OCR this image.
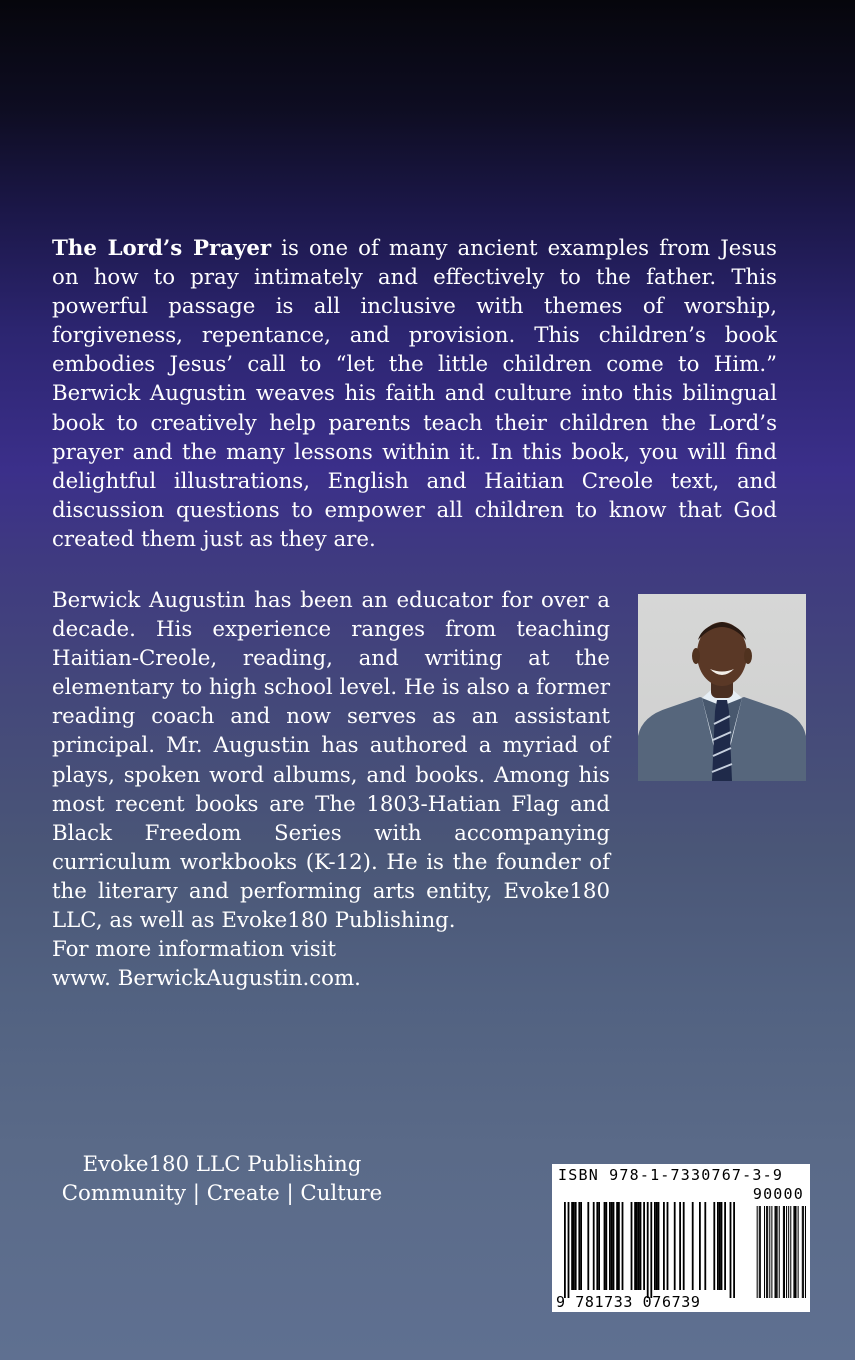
The Lord’s Prayer is one of many ancient examples from Jesus on how to pray intimately and effectively to the father. This powerful passage is all inclusive with themes of worship, forgiveness, repentance, and provision. This children’s book embodies Jesus’ call to “let the little children come to Him.” Berwick Augustin weaves his faith and culture into this bilingual book to creatively help parents teach their children the Lord’s prayer and the many lessons within it. In this book, you will find delightful illustrations, English and Haitian Creole text, and discussion questions to empower all children to know that God created them just as they are.

Berwick Augustin has been an educator for over a decade. His experience ranges from teaching Haitian-Creole, reading, and writing at the elementary to high school level. He is also a former reading coach and now serves as an assistant principal. Mr. Augustin has authored a myriad of plays, spoken word albums, and books. Among his most recent books are The 1803-Hatian Flag and Black Freedom Series with accompanying curriculum workbooks (K-12). He is the founder of the literary and performing arts entity, Evoke180 LLC, as well as Evoke180 Publishing.
For more information visit
www. BerwickAugustin.com.

Evoke180 LLC Publishing
Community | Create | Culture
ISBN 978-1-7330767-3-9
90000
9 781733 076739
